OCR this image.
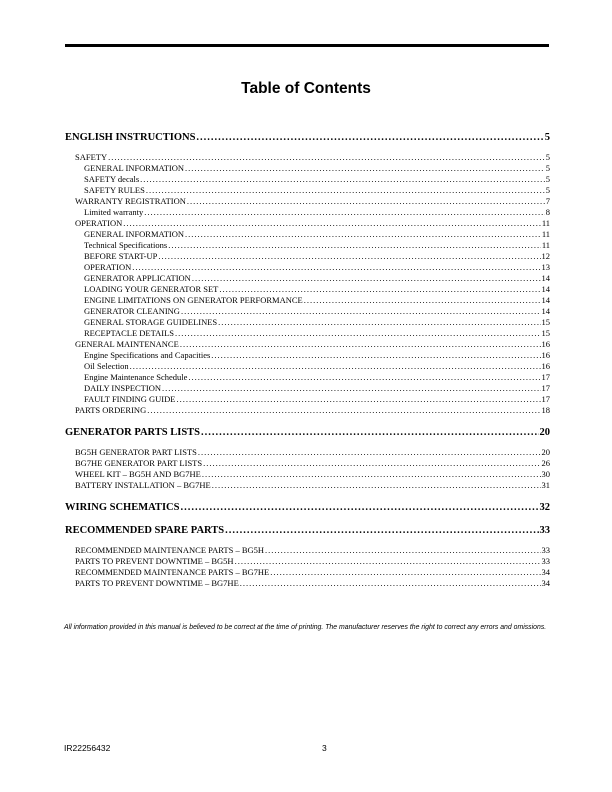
Table of Contents
ENGLISH INSTRUCTIONS .....	5
SAFETY .....	5
GENERAL INFORMATION .....	5
SAFETY decals .....	5
SAFETY RULES .....	5
WARRANTY REGISTRATION .....	7
Limited warranty .....	8
OPERATION .....	11
GENERAL INFORMATION .....	11
Technical Specifications .....	11
BEFORE START-UP .....	12
OPERATION .....	13
GENERATOR APPLICATION .....	14
LOADING YOUR GENERATOR SET .....	14
ENGINE LIMITATIONS ON GENERATOR PERFORMANCE .....	14
GENERATOR CLEANING .....	14
GENERAL STORAGE GUIDELINES .....	15
RECEPTACLE DETAILS .....	15
GENERAL MAINTENANCE .....	16
Engine Specifications and Capacities .....	16
Oil Selection .....	16
Engine Maintenance Schedule .....	17
DAILY INSPECTION .....	17
FAULT FINDING GUIDE .....	17
PARTS ORDERING .....	18
GENERATOR PARTS LISTS .....	20
BG5H GENERATOR PART LISTS .....	20
BG7HE GENERATOR PART LISTS .....	26
WHEEL KIT – BG5H AND BG7HE .....	30
BATTERY INSTALLATION – BG7HE .....	31
WIRING SCHEMATICS .....	32
RECOMMENDED SPARE PARTS .....	33
RECOMMENDED MAINTENANCE PARTS – BG5H .....	33
PARTS TO PREVENT DOWNTIME – BG5H .....	33
RECOMMENDED MAINTENANCE PARTS – BG7HE .....	34
PARTS TO PREVENT DOWNTIME – BG7HE .....	34

All information provided in this manual is believed to be correct at the time of printing. The manufacturer reserves the right to correct any errors and omissions.

IR22256432	3
